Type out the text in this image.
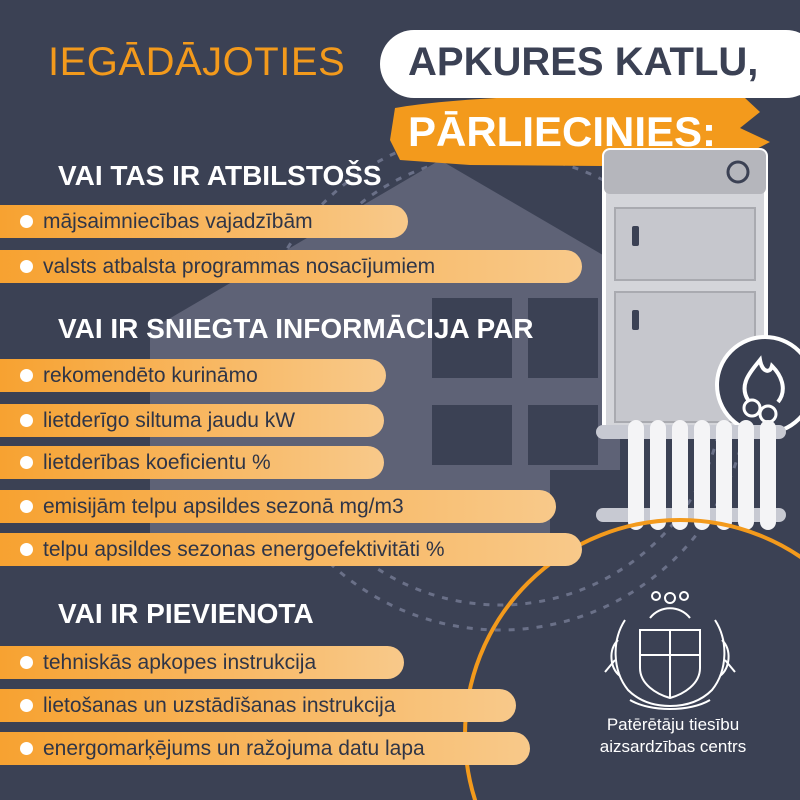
IEGĀDĀJOTIES APKURES KATLU,
PĀRLIECINIES:
VAI TAS IR ATBILSTOŠS
mājsaimniecības vajadzībām
valsts atbalsta programmas nosacījumiem
VAI IR SNIEGTA INFORMĀCIJA PAR
rekomendēto kurināmo
lietderīgo siltuma jaudu kW
lietderības koeficientu %
emisijām telpu apsildes sezonā mg/m3
telpu apsildes sezonas energoefektivitāti %
VAI IR PIEVIENOTA
tehniskās apkopes instrukcija
lietošanas un uzstādīšanas instrukcija
energomarķējums un ražojuma datu lapa
Patērētāju tiesību
aizsardzības centrs
